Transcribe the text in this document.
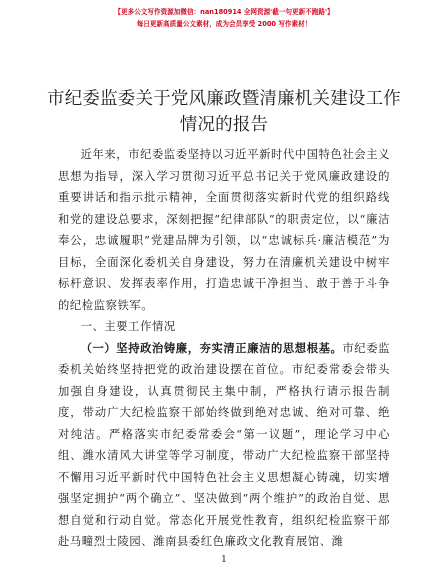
【更多公文写作资源加微信：nan180914 全网资源'截一句更新不跑路'】
每日更新高质量公文素材，成为会员享受 2000 写作素材！
市纪委监委关于党风廉政暨清廉机关建设工作
情况的报告

近年来，市纪委监委坚持以习近平新时代中国特色社会主义思想为指导，深入学习贯彻习近平总书记关于党风廉政建设的重要讲话和指示批示精神，全面贯彻落实新时代党的组织路线和党的建设总要求，深刻把握“纪律部队”的职责定位，以“廉洁奉公，忠诚履职”党建品牌为引领，以“忠诚标兵·廉洁模范”为目标，全面深化委机关自身建设，努力在清廉机关建设中树牢标杆意识、发挥表率作用，打造忠诚干净担当、敢于善于斗争的纪检监察铁军。

一、主要工作情况

（一）坚持政治铸廉，夯实清正廉洁的思想根基。市纪委监委机关始终坚持把党的政治建设摆在首位。市纪委常委会带头加强自身建设，认真贯彻民主集中制，严格执行请示报告制度，带动广大纪检监察干部始终做到绝对忠诚、绝对可靠、绝对纯洁。严格落实市纪委常委会“第一议题”，理论学习中心组、潍水清风大讲堂等学习制度，带动广大纪检监察干部坚持不懈用习近平新时代中国特色社会主义思想凝心铸魂，切实增强坚定拥护“两个确立”、坚决做到“两个维护”的政治自觉、思想自觉和行动自觉。常态化开展党性教育，组织纪检监察干部赴马疃烈士陵园、潍南县委红色廉政文化教育展馆、潍

1
